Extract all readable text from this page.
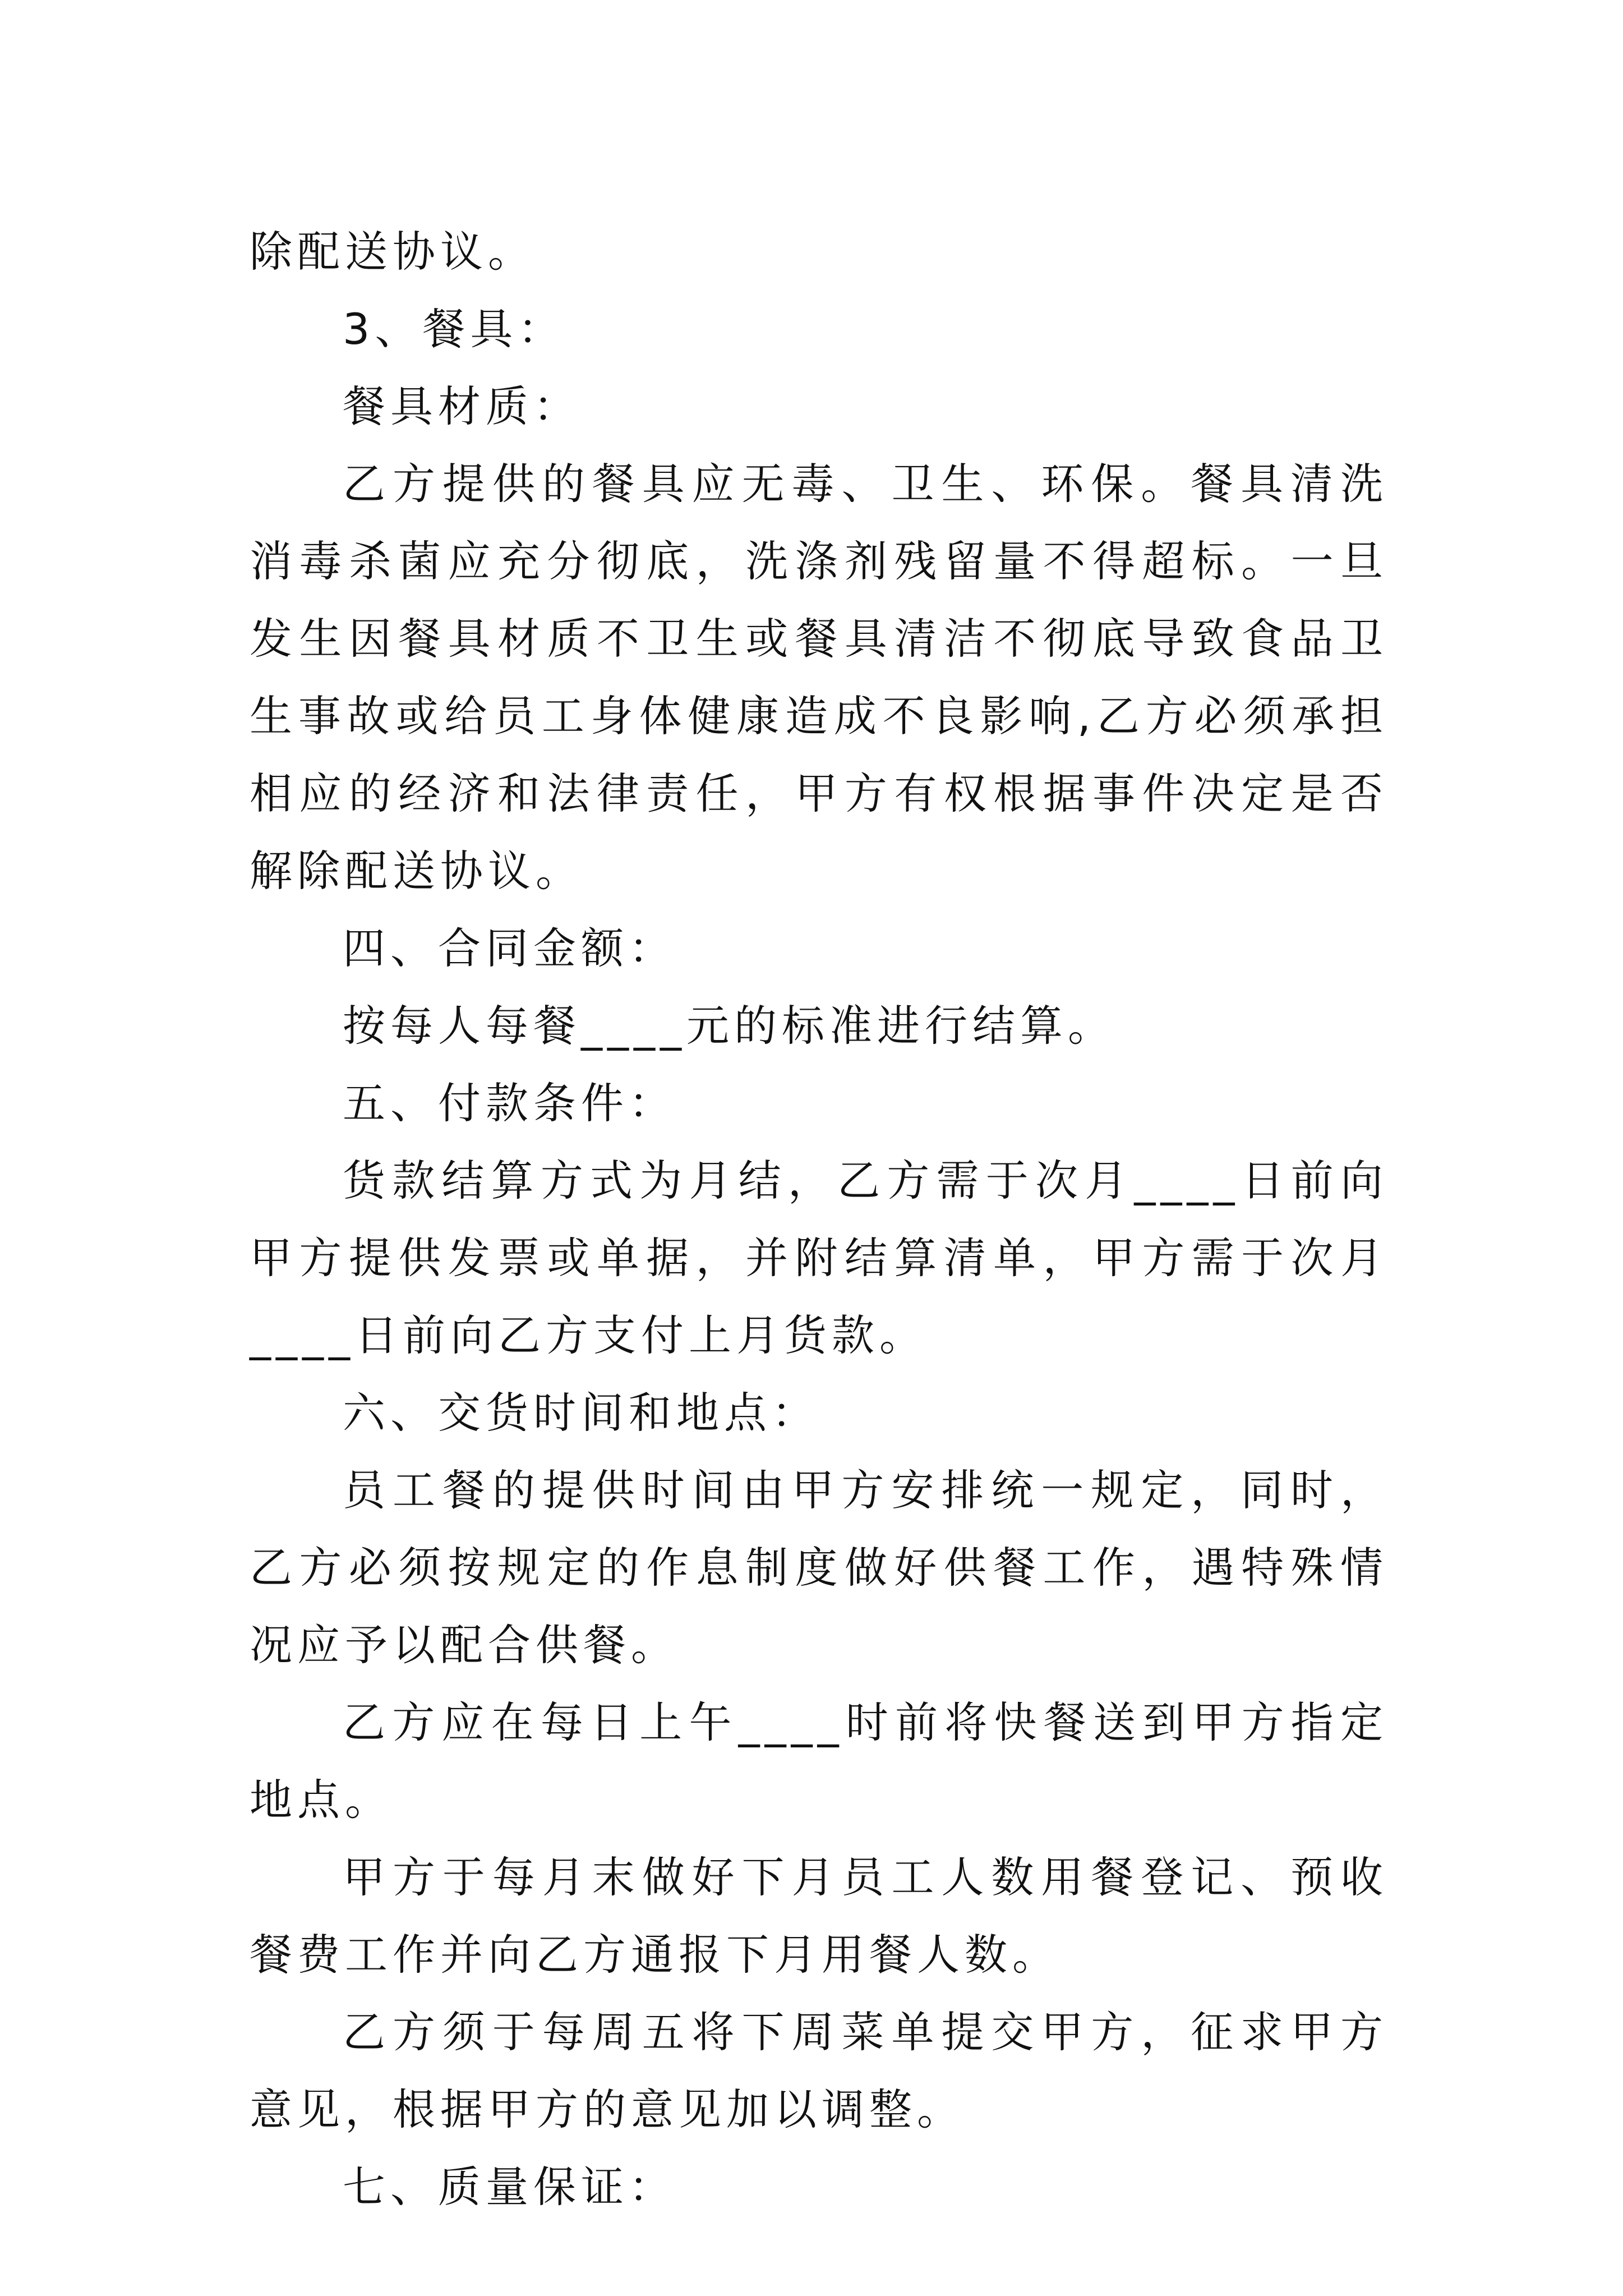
除配送协议。

3、餐具：

餐具材质：

乙方提供的餐具应无毒、卫生、环保。餐具清洗消毒杀菌应充分彻底，洗涤剂残留量不得超标。一旦发生因餐具材质不卫生或餐具清洁不彻底导致食品卫生事故或给员工身体健康造成不良影响,乙方必须承担相应的经济和法律责任，甲方有权根据事件决定是否解除配送协议。

四、合同金额：

按每人每餐____元的标准进行结算。

五、付款条件：

货款结算方式为月结，乙方需于次月____日前向甲方提供发票或单据，并附结算清单，甲方需于次月____日前向乙方支付上月货款。

六、交货时间和地点：

员工餐的提供时间由甲方安排统一规定，同时，乙方必须按规定的作息制度做好供餐工作，遇特殊情况应予以配合供餐。

乙方应在每日上午____时前将快餐送到甲方指定地点。

甲方于每月末做好下月员工人数用餐登记、预收餐费工作并向乙方通报下月用餐人数。

乙方须于每周五将下周菜单提交甲方，征求甲方意见，根据甲方的意见加以调整。

七、质量保证：
